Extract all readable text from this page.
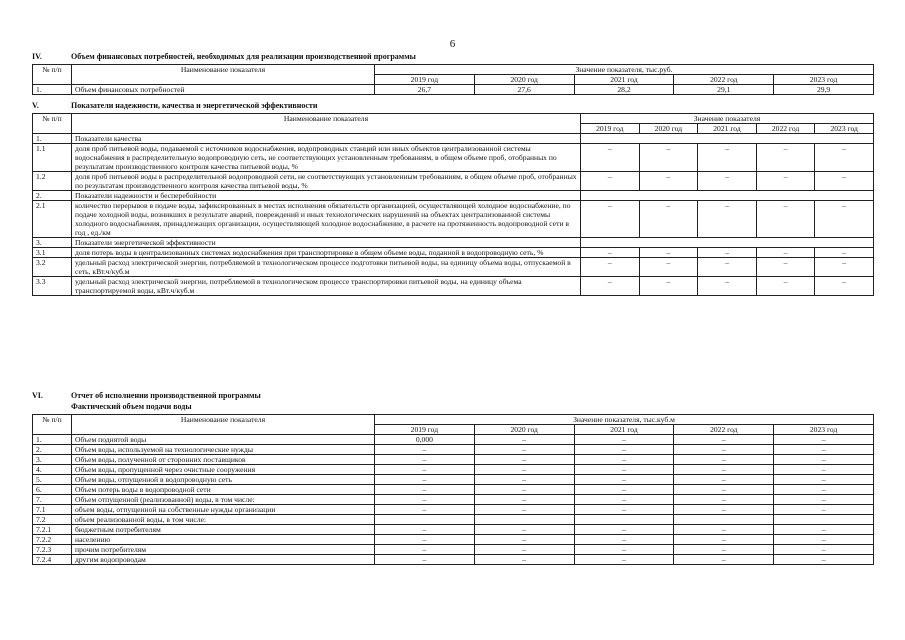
6
IV.	Объем финансовых потребностей, необходимых для реализации производственной программы
№ п/п	Наименование показателя	Значение показателя, тыс.руб.				
		2019 год	2020 год	2021 год	2022 год	2023 год
1.	Объем финансовых потребностей	26,7	27,6	28,2	29,1	29,9
V.	Показатели надежности, качества и энергетической эффективности
№ п/п	Наименование показателя	Значение показателя				
		2019 год	2020 год	2021 год	2022 год	2023 год
1.	Показатели качества					
1.1	доля проб питьевой воды, подаваемой с источников водоснабжения, водопроводных станций или иных объектов централизованной системы водоснабжения в распределительную водопроводную сеть, не соответствующих установленным требованиям, в общем объеме проб, отобранных по результатам производственного контроля качества питьевой воды, %	–	–	–	–	–
1.2	доля проб питьевой воды в распределительной водопроводной сети, не соответствующих установленным требованиям, в общем объеме проб, отобранных по результатам производственного контроля качества питьевой воды, %	–	–	–	–	–
2.	Показатели надежности и бесперебойности					
2.1	количество перерывов в подаче воды, зафиксированных в местах исполнения обязательств организацией, осуществляющей холодное водоснабжение, по подаче холодной воды, возникших в результате аварий, повреждений и иных технологических нарушений на объектах централизованной системы холодного водоснабжения, принадлежащих организации, осуществляющей холодное водоснабжение, в расчете на протяженность водопроводной сети в год , ед./км	–	–	–	–	–
3.	Показатели энергетической эффективности					
3.1	доля потерь воды в централизованных системах водоснабжения при транспортировке в общем объеме воды, поданной в водопроводную сеть, %	–	–	–	–	–
3.2	удельный расход электрической энергии, потребляемой в технологическом процессе подготовки питьевой воды, на единицу объема воды, отпускаемой в сеть, кВт.ч/куб.м	–	–	–	–	–
3.3	удельный расход электрической энергии, потребляемой в технологическом процессе транспортировки питьевой воды, на единицу объема транспортируемой воды, кВт.ч/куб.м	–	–	–	–	–
VI.	Отчет об исполнении производственной программы
Фактический объем подачи воды
№ п/п	Наименование показателя	Значение показателя, тыс.куб.м				
		2019 год	2020 год	2021 год	2022 год	2023 год
1.	Объем поднятой воды	0,000	–	–	–	–
2.	Объем воды, используемой на технологические нужды	–	–	–	–	–
3.	Объем воды, полученной от сторонних поставщиков	–	–	–	–	–
4.	Объем воды, пропущенной через очистные сооружения	–	–	–	–	–
5.	Объем воды, отпущенной в водопроводную сеть	–	–	–	–	–
6.	Объем потерь воды в водопроводной сети	–	–	–	–	–
7.	Объем отпущенной (реализованной) воды, в том числе:	–	–	–	–	–
7.1	объем воды, отпущенной на собственные нужды организации	–	–	–	–	–
7.2	объем реализованной воды, в том числе:					
7.2.1	бюджетным потребителям	–	–	–	–	–
7.2.2	населению	–	–	–	–	–
7.2.3	прочим потребителям	–	–	–	–	–
7.2.4	другим водопроводам	–	–	–	–	–
